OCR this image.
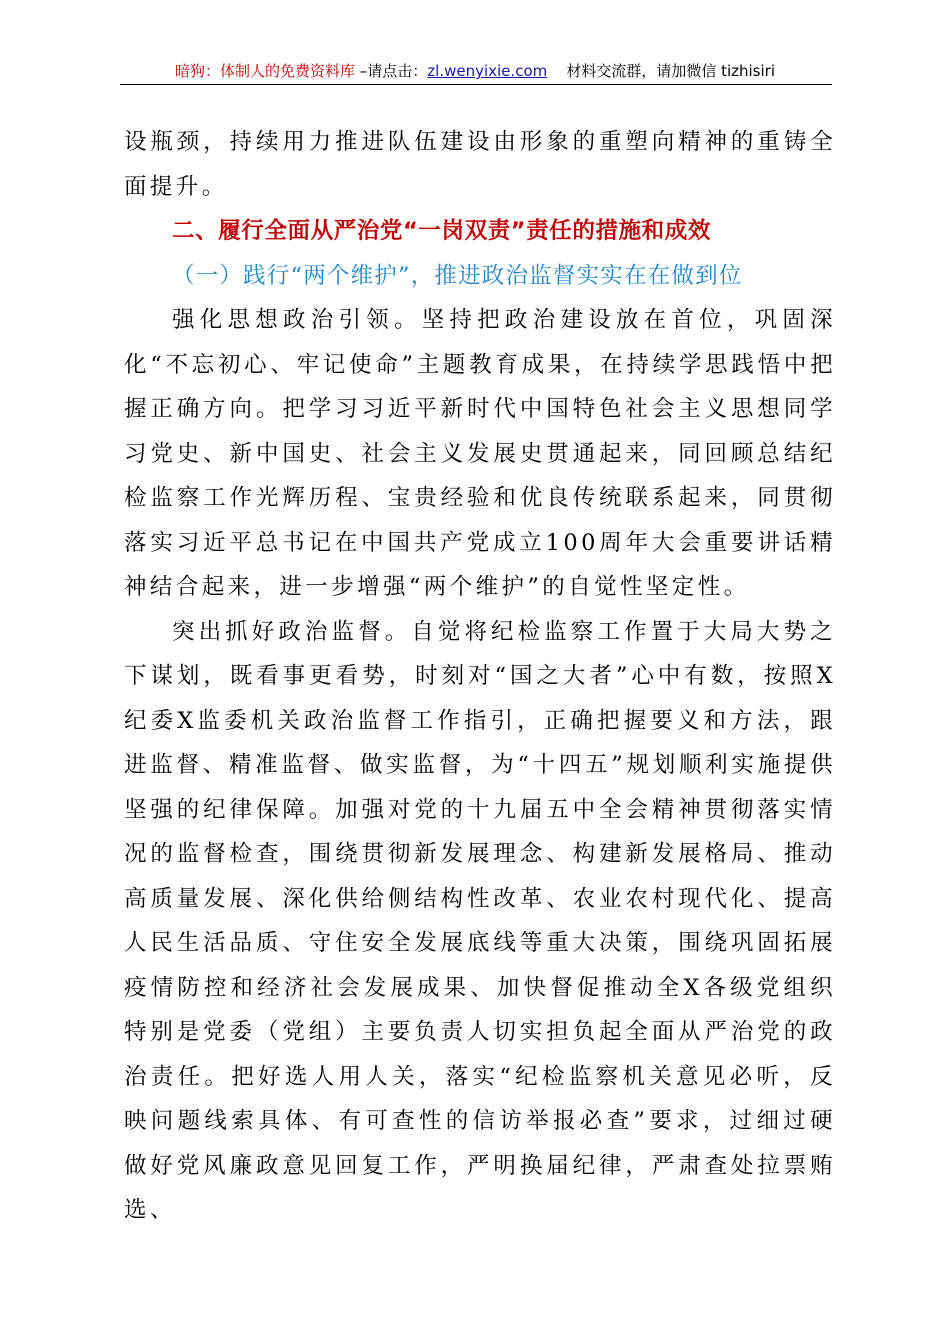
暗狗：体制人的免费资料库 –请点击：zl.wenyixie.com 材料交流群，请加微信 tizhisiri

设瓶颈，持续用力推进队伍建设由形象的重塑向精神的重铸全面提升。

二、履行全面从严治党“一岗双责”责任的措施和成效

（一）践行“两个维护”，推进政治监督实实在在做到位

强化思想政治引领。坚持把政治建设放在首位，巩固深化“不忘初心、牢记使命”主题教育成果，在持续学思践悟中把握正确方向。把学习习近平新时代中国特色社会主义思想同学习党史、新中国史、社会主义发展史贯通起来，同回顾总结纪检监察工作光辉历程、宝贵经验和优良传统联系起来，同贯彻落实习近平总书记在中国共产党成立100周年大会重要讲话精神结合起来，进一步增强“两个维护”的自觉性坚定性。

突出抓好政治监督。自觉将纪检监察工作置于大局大势之下谋划，既看事更看势，时刻对“国之大者”心中有数，按照X纪委X监委机关政治监督工作指引，正确把握要义和方法，跟进监督、精准监督、做实监督，为“十四五”规划顺利实施提供坚强的纪律保障。加强对党的十九届五中全会精神贯彻落实情况的监督检查，围绕贯彻新发展理念、构建新发展格局、推动高质量发展、深化供给侧结构性改革、农业农村现代化、提高人民生活品质、守住安全发展底线等重大决策，围绕巩固拓展疫情防控和经济社会发展成果、加快督促推动全X各级党组织特别是党委（党组）主要负责人切实担负起全面从严治党的政治责任。把好选人用人关，落实“纪检监察机关意见必听，反映问题线索具体、有可查性的信访举报必查”要求，过细过硬做好党风廉政意见回复工作，严明换届纪律，严肃查处拉票贿选、
